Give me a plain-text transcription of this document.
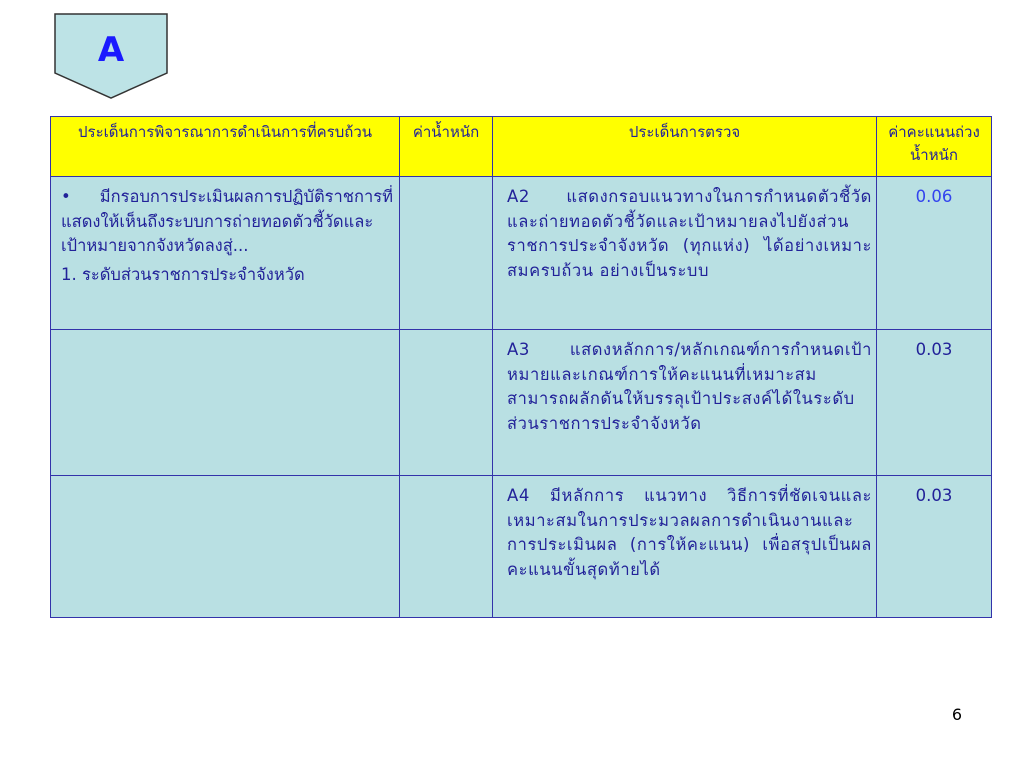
A
ประเด็นการพิจารณาการดำเนินการที่ครบถ้วน	ค่าน้ำหนัก	ประเด็นการตรวจ	ค่าคะแนนถ่วงน้ำหนัก

• มีกรอบการประเมินผลการปฏิบัติราชการที่แสดงให้เห็นถึงระบบการถ่ายทอดตัวชี้วัดและเป้าหมายจากจังหวัดลงสู่...

1. ระดับส่วนราชการประจำจังหวัด		A2 แสดงกรอบแนวทางในการกำหนดตัวชี้วัด และถ่ายทอดตัวชี้วัดและเป้าหมายลงไปยังส่วนราชการประจำจังหวัด (ทุกแห่ง) ได้อย่างเหมาะสมครบถ้วน อย่างเป็นระบบ	0.06
		A3 แสดงหลักการ/หลักเกณฑ์การกำหนดเป้าหมายและเกณฑ์การให้คะแนนที่เหมาะสม สามารถผลักดันให้บรรลุเป้าประสงค์ได้ในระดับส่วนราชการประจำจังหวัด	0.03
		A4 มีหลักการ แนวทาง วิธีการที่ชัดเจนและเหมาะสมในการประมวลผลการดำเนินงานและการประเมินผล (การให้คะแนน) เพื่อสรุปเป็นผลคะแนนขั้นสุดท้ายได้	0.03
6
